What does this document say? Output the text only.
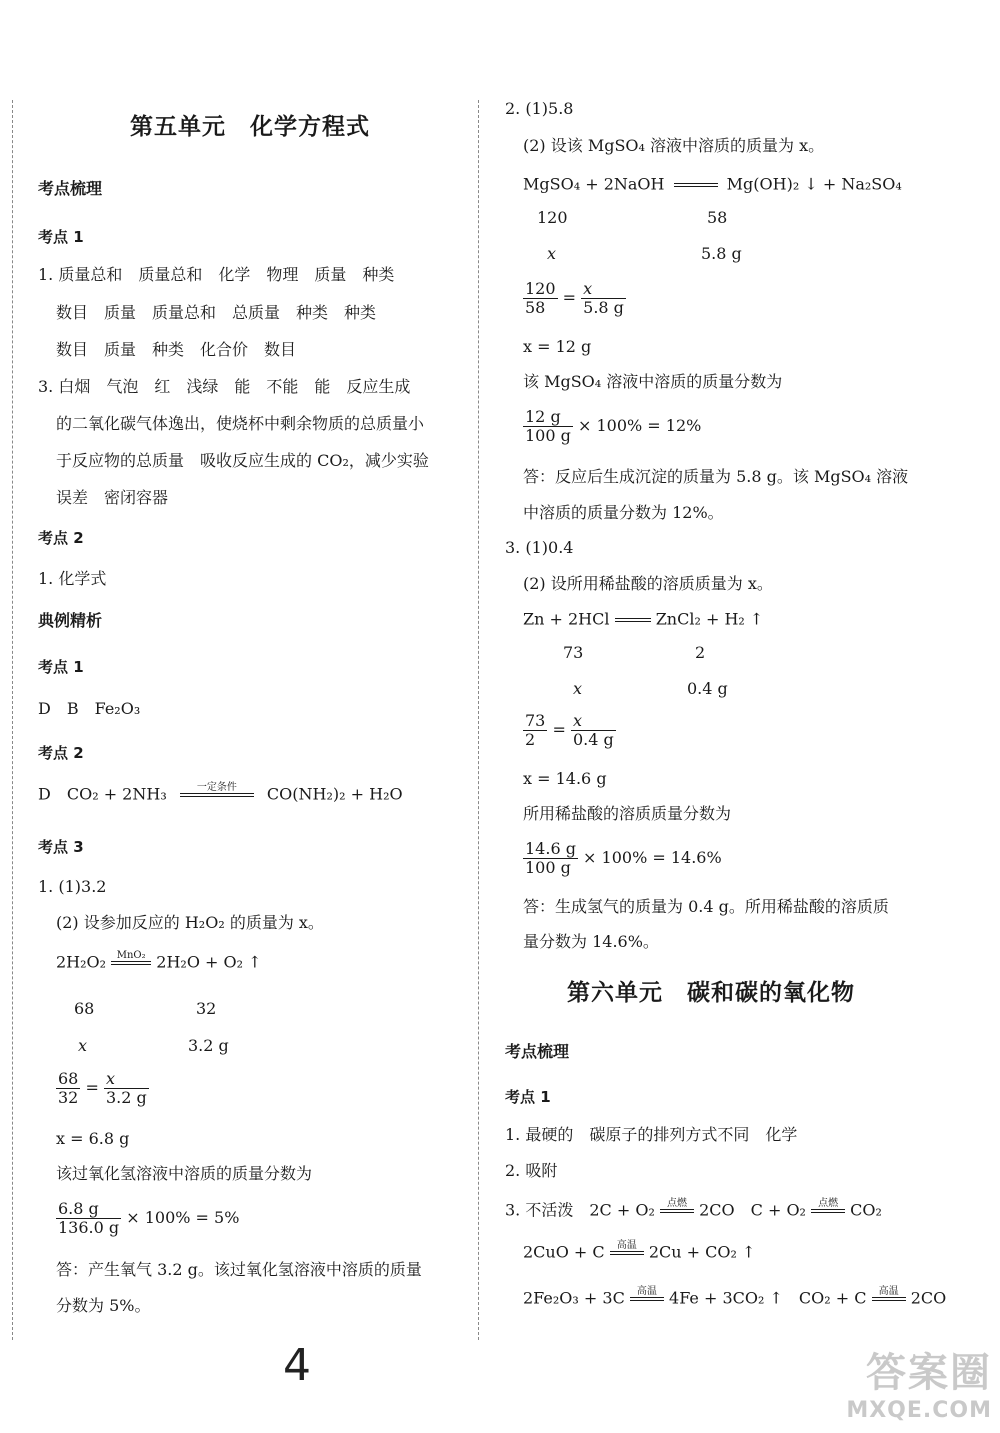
第五单元　化学方程式
考点梳理
考点 1
1. 质量总和　质量总和　化学　物理　质量　种类
数目　质量　质量总和　总质量　种类　种类
数目　质量　种类　化合价　数目
3. 白烟　气泡　红　浅绿　能　不能　能　反应生成
的二氧化碳气体逸出，使烧杯中剩余物质的总质量小
于反应物的总质量　吸收反应生成的 CO₂，减少实验
误差　密闭容器
考点 2
1. 化学式
典例精析
考点 1
D　B　Fe₂O₃
考点 2
D　CO₂ + 2NH₃	一定条件	CO(NH₂)₂ + H₂O
考点 3
1. (1)3.2
(2) 设参加反应的 H₂O₂ 的质量为 x。
2H₂O₂	MnO₂ 2H₂O + O₂ ↑
68	32
x	3.2 g
$\frac{68}{32} = \frac{x}{3.2 g}$
x = 6.8 g
该过氧化氢溶液中溶质的质量分数为
$\frac{6.8 g}{136.0 g} \times 100\% = 5\%$
答：产生氧气 3.2 g。该过氧化氢溶液中溶质的质量
分数为 5%。
2. (1)5.8
(2) 设该 MgSO₄ 溶液中溶质的质量为 x。
MgSO₄ + 2NaOH	Mg(OH)₂ ↓ + Na₂SO₄
120	58
x	5.8 g
$\frac{120}{58} = \frac{x}{5.8 g}$
x = 12 g
该 MgSO₄ 溶液中溶质的质量分数为
$\frac{12 g}{100 g} \times 100\% = 12\%$
答：反应后生成沉淀的质量为 5.8 g。该 MgSO₄ 溶液
中溶质的质量分数为 12%。
3. (1)0.4
(2) 设所用稀盐酸的溶质质量为 x。
Zn + 2HCl	ZnCl₂ + H₂ ↑
73	2
x	0.4 g
$\frac{73}{2} = \frac{x}{0.4 g}$
x = 14.6 g
所用稀盐酸的溶质质量分数为
$\frac{14.6 g}{100 g} \times 100\% = 14.6\%$
答：生成氢气的质量为 0.4 g。所用稀盐酸的溶质质
量分数为 14.6%。
第六单元　碳和碳的氧化物
考点梳理
考点 1
1. 最硬的　碳原子的排列方式不同　化学
2. 吸附
3. 不活泼　2C + O₂	点燃 2CO　C + O₂	点燃 CO₂
2CuO + C	高温 2Cu + CO₂ ↑
2Fe₂O₃ + 3C	高温 4Fe + 3CO₂ ↑　CO₂ + C	高温 2CO
4	答案圈
MXQE.COM
